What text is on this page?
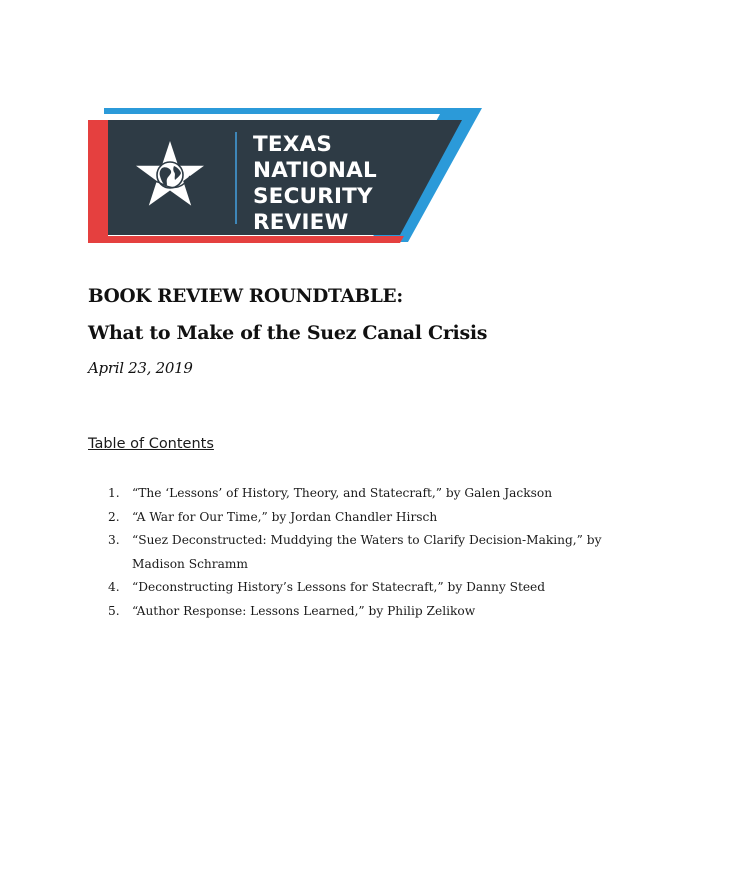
TEXAS
NATIONAL
SECURITY
REVIEW
BOOK REVIEW ROUNDTABLE:
What to Make of the Suez Canal Crisis
April 23, 2019
Table of Contents
1. “The ‘Lessons’ of History, Theory, and Statecraft,” by Galen Jackson
2. “A War for Our Time,” by Jordan Chandler Hirsch
3. “Suez Deconstructed: Muddying the Waters to Clarify Decision-Making,” by Madison Schramm
4. “Deconstructing History’s Lessons for Statecraft,” by Danny Steed
5. “Author Response: Lessons Learned,” by Philip Zelikow
